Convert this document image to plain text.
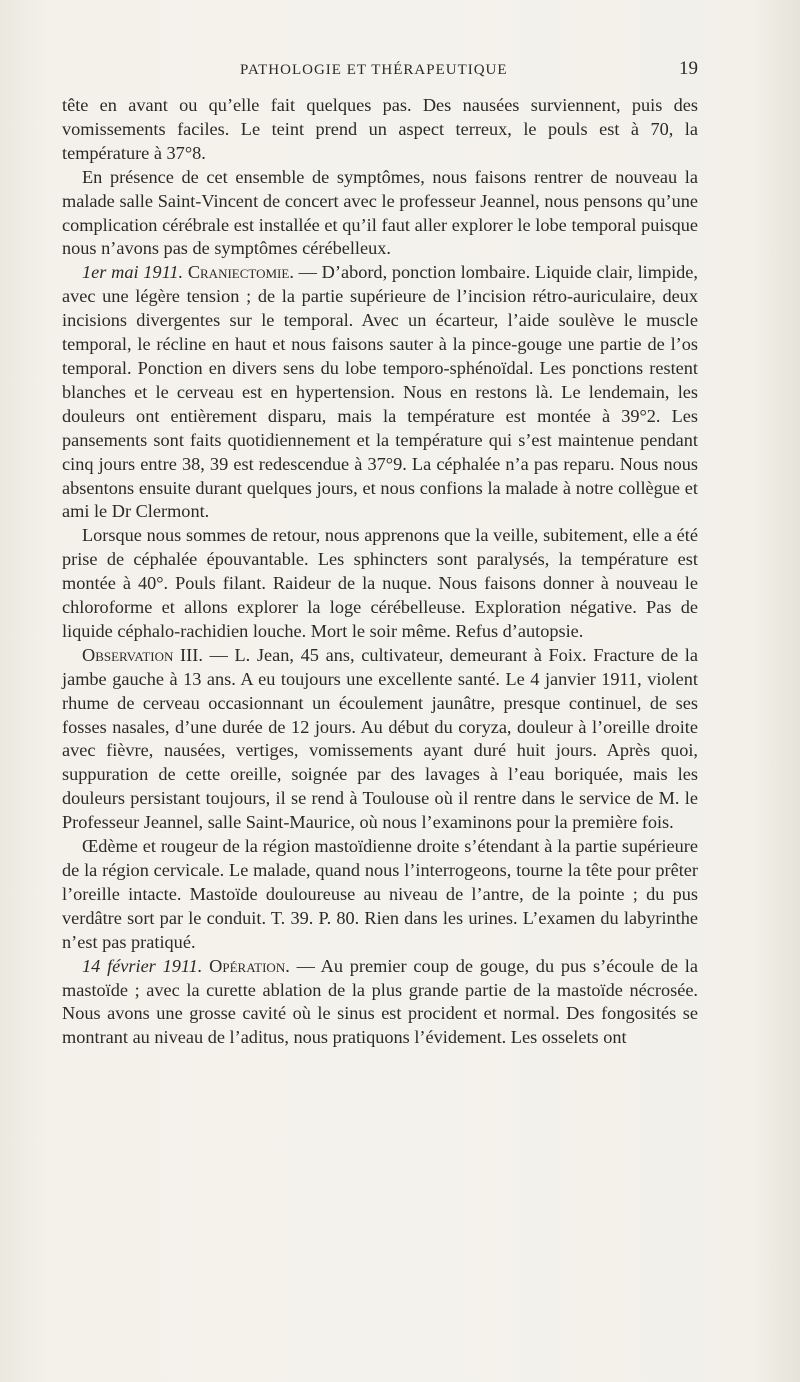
PATHOLOGIE ET THÉRAPEUTIQUE	19

tête en avant ou qu’elle fait quelques pas. Des nausées surviennent, puis des vomissements faciles. Le teint prend un aspect terreux, le pouls est à 70, la température à 37°8.

En présence de cet ensemble de symptômes, nous faisons rentrer de nouveau la malade salle Saint-Vincent de concert avec le professeur Jeannel, nous pensons qu’une complication cérébrale est installée et qu’il faut aller explorer le lobe temporal puisque nous n’avons pas de symptômes cérébelleux.

1er mai 1911. Craniectomie. — D’abord, ponction lombaire. Liquide clair, limpide, avec une légère tension ; de la partie supérieure de l’incision rétro-auriculaire, deux incisions divergentes sur le temporal. Avec un écarteur, l’aide soulève le muscle temporal, le récline en haut et nous faisons sauter à la pince-gouge une partie de l’os temporal. Ponction en divers sens du lobe temporo-sphénoïdal. Les ponctions restent blanches et le cerveau est en hypertension. Nous en restons là. Le lendemain, les douleurs ont entièrement disparu, mais la température est montée à 39°2. Les pansements sont faits quotidiennement et la température qui s’est maintenue pendant cinq jours entre 38, 39 est redescendue à 37°9. La céphalée n’a pas reparu. Nous nous absentons ensuite durant quelques jours, et nous confions la malade à notre collègue et ami le Dr Clermont.

Lorsque nous sommes de retour, nous apprenons que la veille, subitement, elle a été prise de céphalée épouvantable. Les sphincters sont paralysés, la température est montée à 40°. Pouls filant. Raideur de la nuque. Nous faisons donner à nouveau le chloroforme et allons explorer la loge cérébelleuse. Exploration négative. Pas de liquide céphalo-rachidien louche. Mort le soir même. Refus d’autopsie.

Observation III. — L. Jean, 45 ans, cultivateur, demeurant à Foix. Fracture de la jambe gauche à 13 ans. A eu toujours une excellente santé. Le 4 janvier 1911, violent rhume de cerveau occasionnant un écoulement jaunâtre, presque continuel, de ses fosses nasales, d’une durée de 12 jours. Au début du coryza, douleur à l’oreille droite avec fièvre, nausées, vertiges, vomissements ayant duré huit jours. Après quoi, suppuration de cette oreille, soignée par des lavages à l’eau boriquée, mais les douleurs persistant toujours, il se rend à Toulouse où il rentre dans le service de M. le Professeur Jeannel, salle Saint-Maurice, où nous l’examinons pour la première fois.

Œdème et rougeur de la région mastoïdienne droite s’étendant à la partie supérieure de la région cervicale. Le malade, quand nous l’interrogeons, tourne la tête pour prêter l’oreille intacte. Mastoïde douloureuse au niveau de l’antre, de la pointe ; du pus verdâtre sort par le conduit. T. 39. P. 80. Rien dans les urines. L’examen du labyrinthe n’est pas pratiqué.

14 février 1911. Opération. — Au premier coup de gouge, du pus s’écoule de la mastoïde ; avec la curette ablation de la plus grande partie de la mastoïde nécrosée. Nous avons une grosse cavité où le sinus est procident et normal. Des fongosités se montrant au niveau de l’aditus, nous pratiquons l’évidement. Les osselets ont
